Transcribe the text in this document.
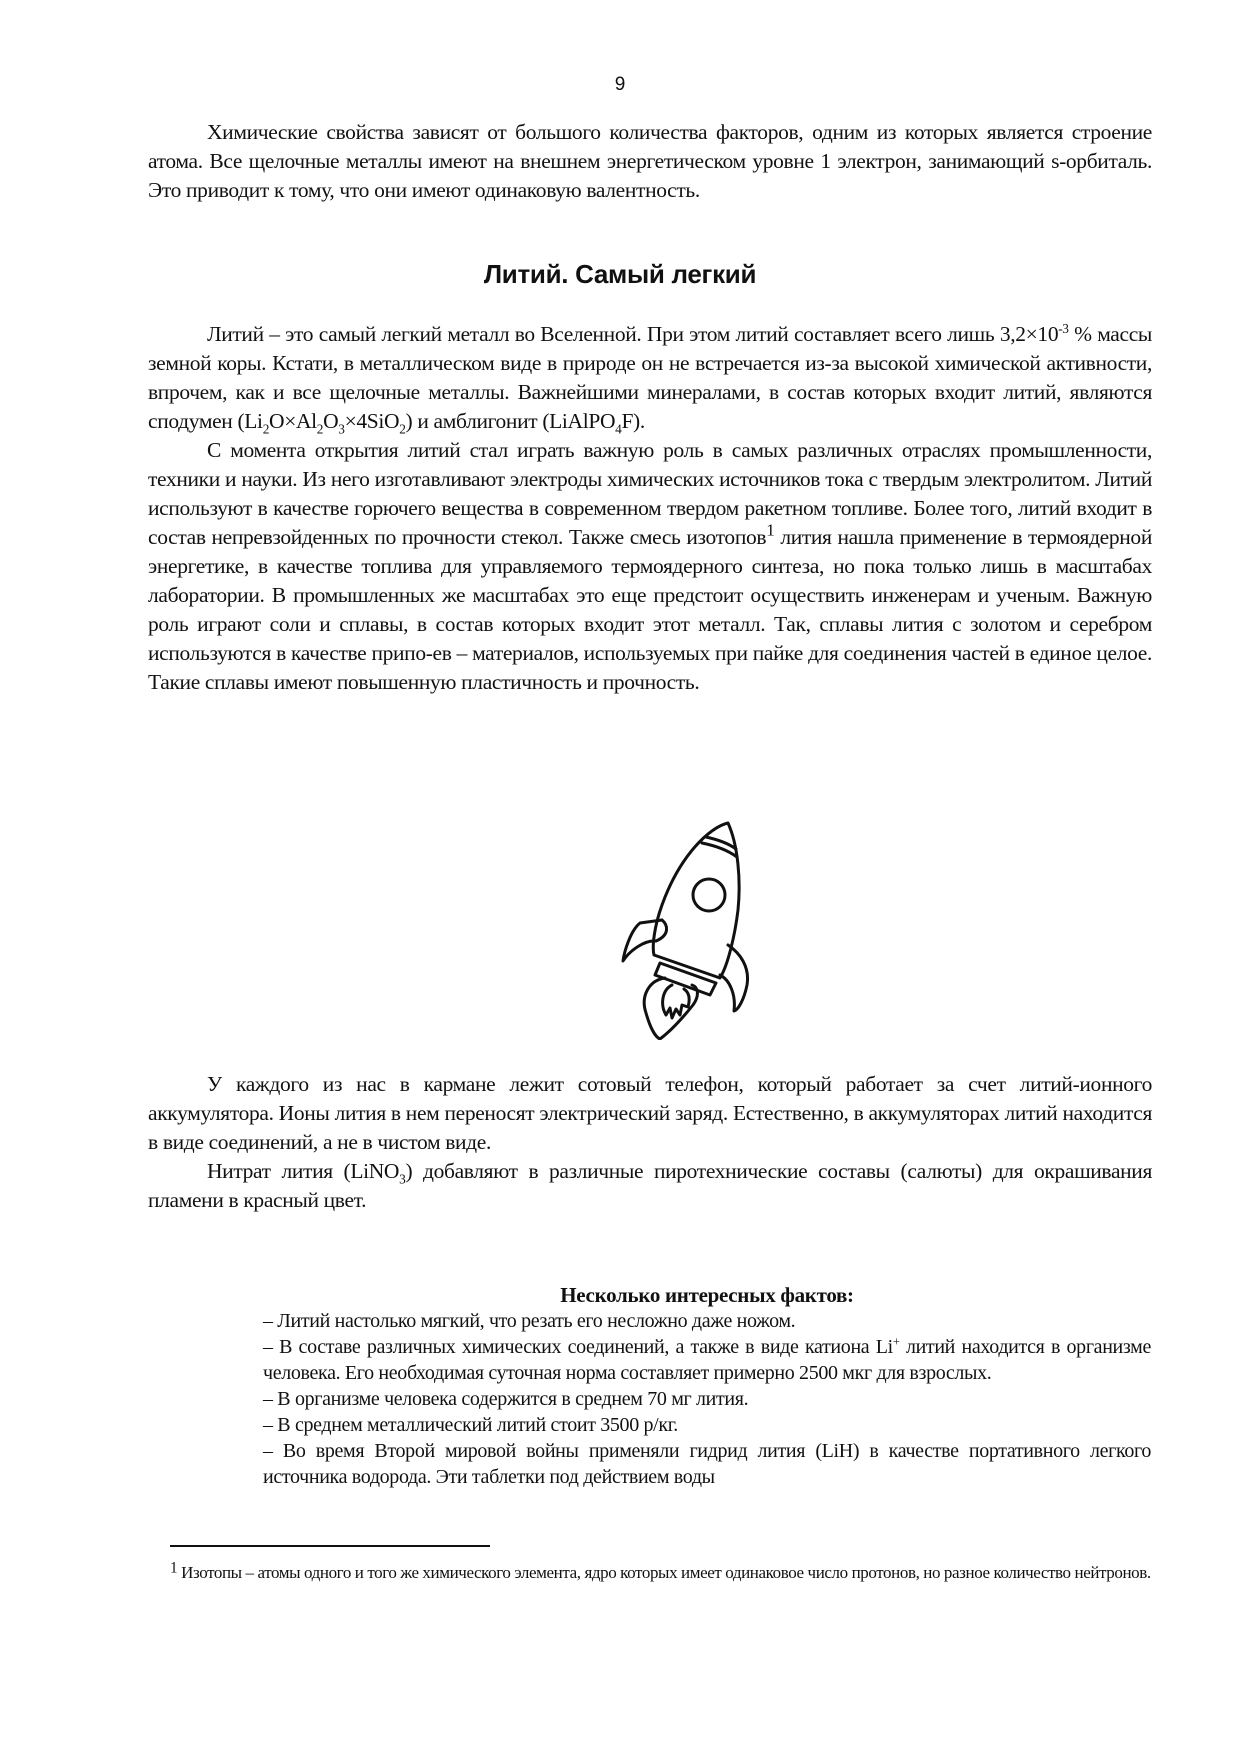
9

Химические свойства зависят от большого количества факторов, одним из которых является строение атома. Все щелочные металлы имеют на внешнем энергетическом уровне 1 электрон, занимающий s-орбиталь. Это приводит к тому, что они имеют одинаковую валентность.

Литий. Самый легкий

Литий – это самый легкий металл во Вселенной. При этом литий составляет всего лишь $3,2\times 10^{-3}$ % массы земной коры. Кстати, в металлическом виде в природе он не встречается из-за высокой химической активности, впрочем, как и все щелочные металлы. Важнейшими минералами, в состав которых входит литий, являются сподумен $(Li_2O\times Al_2O_3\times 4SiO_2)$ и амблигонит (LiAlPO$_4$F).

С момента открытия литий стал играть важную роль в самых различных отраслях промышленности, техники и науки. Из него изготавливают электроды химических источников тока с твердым электролитом. Литий используют в качестве горючего вещества в современном твердом ракетном топливе. Более того, литий входит в состав непревзойденных по прочности стекол. Также смесь изотопов$^1$ лития нашла применение в термоядерной энергетике, в качестве топлива для управляемого термоядерного синтеза, но пока только лишь в масштабах лаборатории. В промышленных же масштабах это еще предстоит осуществить инженерам и ученым. Важную роль играют соли и сплавы, в состав которых входит этот металл. Так, сплавы лития с золотом и серебром используются в качестве припо-ев – материалов, используемых при пайке для соединения частей в единое целое. Такие сплавы имеют повышенную пластичность и прочность.

У каждого из нас в кармане лежит сотовый телефон, который работает за счет литий-ионного аккумулятора. Ионы лития в нем переносят электрический заряд. Естественно, в аккумуляторах литий находится в виде соединений, а не в чистом виде.

Нитрат лития (LiNO$_3$) добавляют в различные пиротехнические составы (салюты) для окрашивания пламени в красный цвет.

Несколько интересных фактов:

– Литий настолько мягкий, что резать его несложно даже ножом.

– В составе различных химических соединений, а также в виде катиона Li+ литий находится в организме человека. Его необходимая суточная норма составляет примерно 2500 мкг для взрослых.

– В организме человека содержится в среднем 70 мг лития.

– В среднем металлический литий стоит 3500 р/кг.

– Во время Второй мировой войны применяли гидрид лития (LiH) в качестве портативного легкого источника водорода. Эти таблетки под действием воды

$^1$ Изотопы – атомы одного и того же химического элемента, ядро которых имеет одинаковое число протонов, но разное количество нейтронов.
